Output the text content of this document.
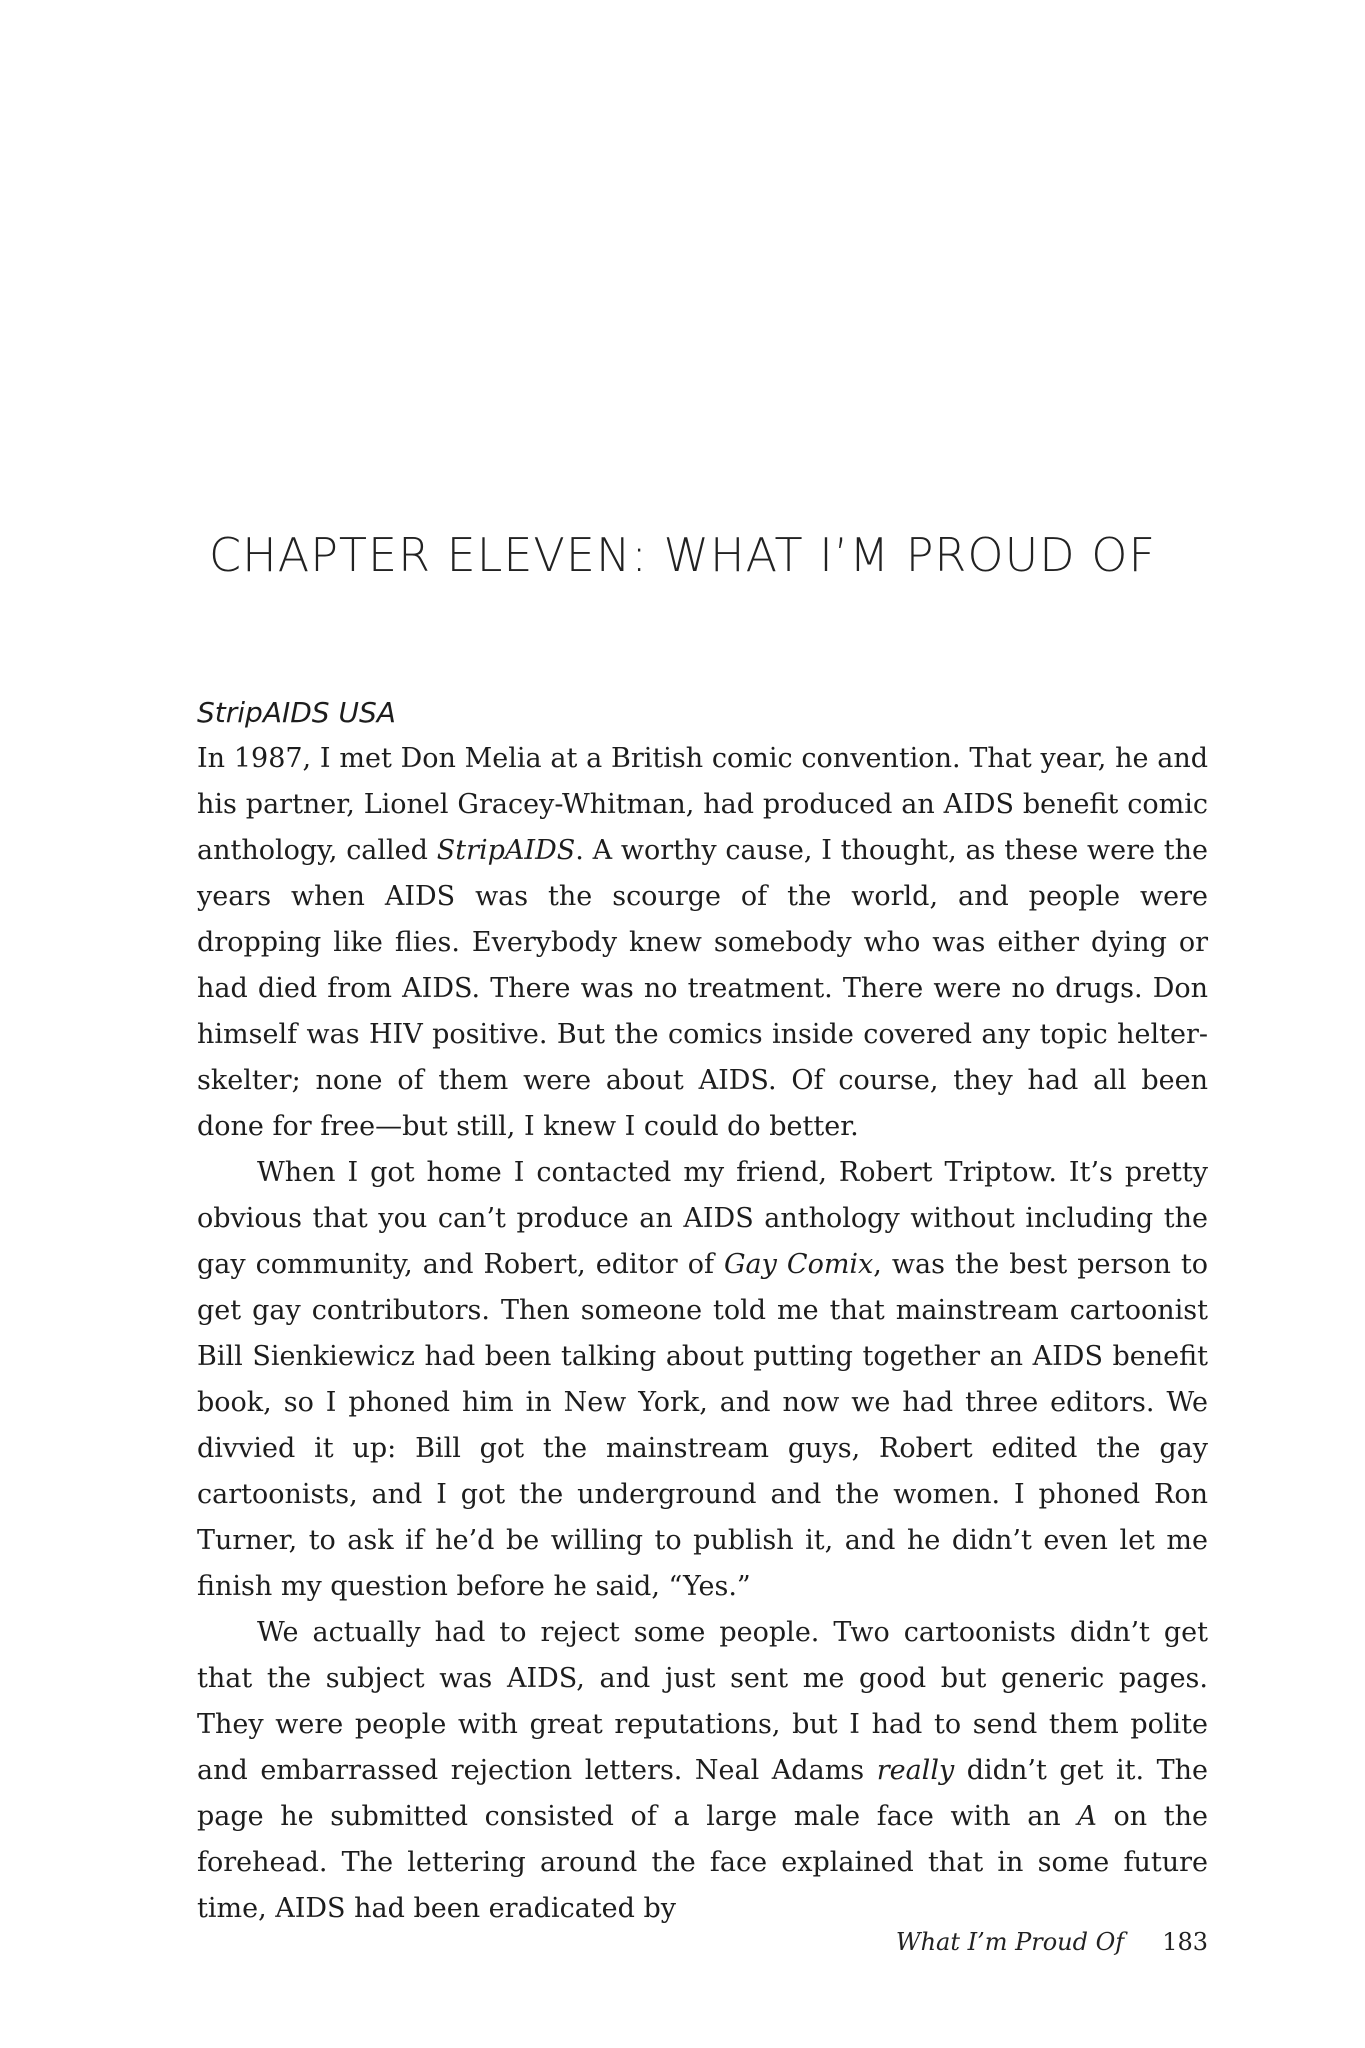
CHAPTER ELEVEN: WHAT I’M PROUD OF
StripAIDS USA

In 1987, I met Don Melia at a British comic convention. That year, he and his partner, Lionel Gracey-Whitman, had produced an AIDS benefit comic anthology, called StripAIDS. A worthy cause, I thought, as these were the years when AIDS was the scourge of the world, and people were dropping like flies. Everybody knew somebody who was either dying or had died from AIDS. There was no treatment. There were no drugs. Don himself was HIV positive. But the comics inside covered any topic helter-skelter; none of them were about AIDS. Of course, they had all been done for free—but still, I knew I could do better.

When I got home I contacted my friend, Robert Triptow. It’s pretty obvious that you can’t produce an AIDS anthology without including the gay community, and Robert, editor of Gay Comix, was the best person to get gay contributors. Then someone told me that mainstream cartoonist Bill Sienkiewicz had been talking about putting together an AIDS benefit book, so I phoned him in New York, and now we had three editors. We divvied it up: Bill got the mainstream guys, Robert edited the gay cartoonists, and I got the underground and the women. I phoned Ron Turner, to ask if he’d be willing to publish it, and he didn’t even let me finish my question before he said, “Yes.”

We actually had to reject some people. Two cartoonists didn’t get that the subject was AIDS, and just sent me good but generic pages. They were people with great reputations, but I had to send them polite and embarrassed rejection letters. Neal Adams really didn’t get it. The page he submitted consisted of a large male face with an A on the forehead. The lettering around the face explained that in some future time, AIDS had been eradicated by

What I’m Proud Of 183
